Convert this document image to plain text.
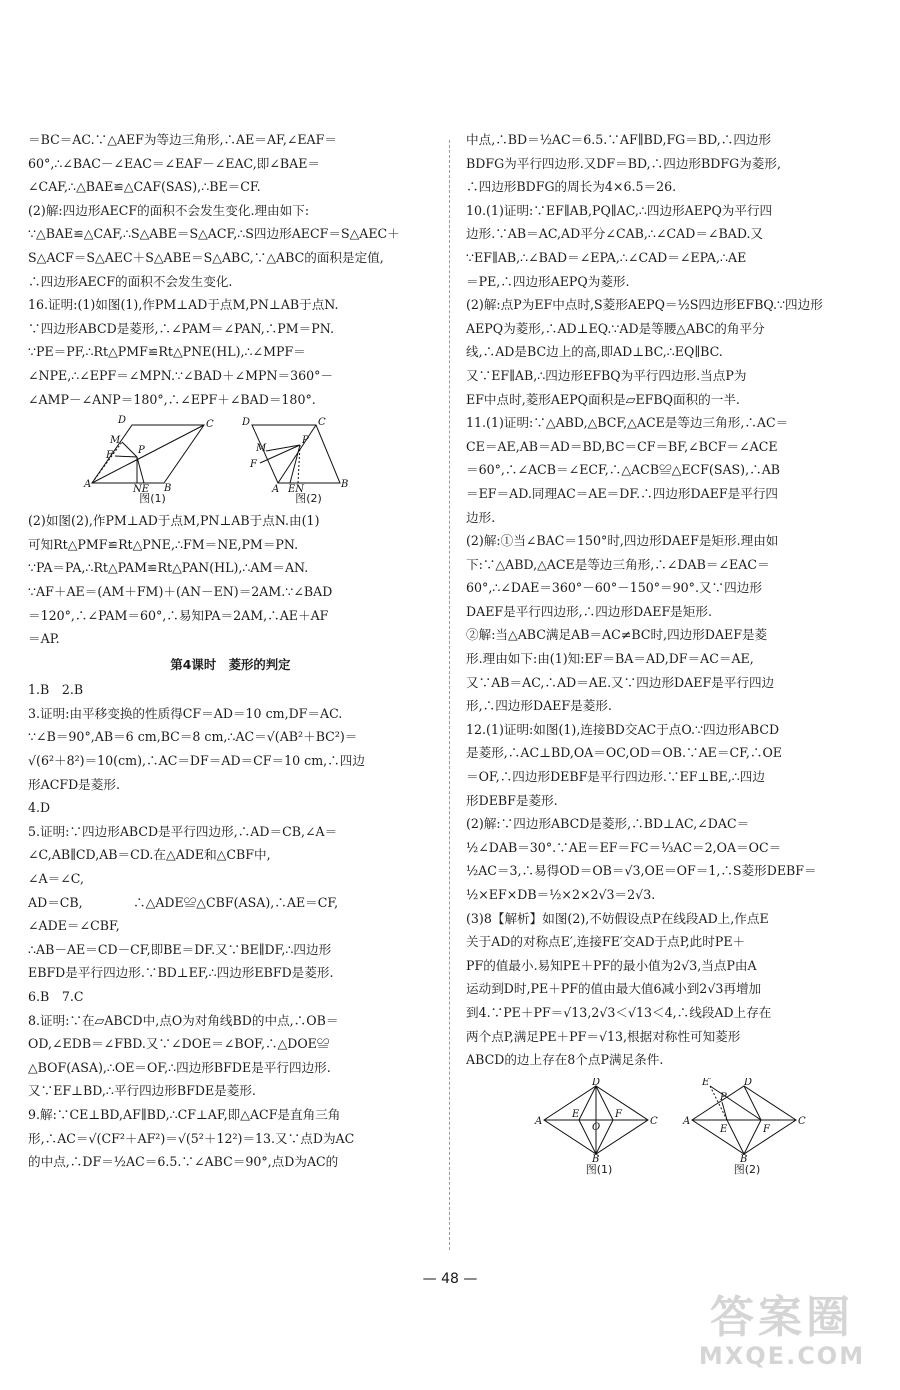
＝BC＝AC.∵△AEF为等边三角形,∴AE＝AF,∠EAF＝
60°,∴∠BAC－∠EAC＝∠EAF－∠EAC,即∠BAE＝
∠CAF,∴△BAE≌△CAF(SAS),∴BE＝CF.
(2)解:四边形AECF的面积不会发生变化.理由如下:
∵△BAE≌△CAF,∴S△ABE＝S△ACF,∴S四边形AECF＝S△AEC＋
S△ACF＝S△AEC＋S△ABE＝S△ABC,∵△ABC的面积是定值,
∴四边形AECF的面积不会发生变化.
16.证明:(1)如图(1),作PM⊥AD于点M,PN⊥AB于点N.
∵四边形ABCD是菱形,∴∠PAM＝∠PAN,∴PM＝PN.
∵PE＝PF,∴Rt△PMF≌Rt△PNE(HL),∴∠MPF＝
∠NPE,∴∠EPF＝∠MPN.∵∠BAD＋∠MPN＝360°－
∠AMP－∠ANP＝180°,∴∠EPF＋∠BAD＝180°.
D	C
A	B
M
F	P
NE
图(1)
D	C
A	B
M
F
P
EN
图(2)
(2)如图(2),作PM⊥AD于点M,PN⊥AB于点N.由(1)
可知Rt△PMF≌Rt△PNE,∴FM＝NE,PM＝PN.
∵PA＝PA,∴Rt△PAM≌Rt△PAN(HL),∴AM＝AN.
∵AF＋AE＝(AM＋FM)＋(AN－EN)＝2AM.∵∠BAD
＝120°,∴∠PAM＝60°,∴易知PA＝2AM,∴AE＋AF
＝AP.
第4课时　菱形的判定
1.B　2.B
3.证明:由平移变换的性质得CF＝AD＝10 cm,DF＝AC.
∵∠B＝90°,AB＝6 cm,BC＝8 cm,∴AC＝√(AB²＋BC²)＝
√(6²＋8²)＝10(cm),∴AC＝DF＝AD＝CF＝10 cm,∴四边
形ACFD是菱形.
4.D
5.证明:∵四边形ABCD是平行四边形,∴AD＝CB,∠A＝
∠C,AB∥CD,AB＝CD.在△ADE和△CBF中,
∠A＝∠C,
AD＝CB,　　　　∴△ADE≌△CBF(ASA),∴AE＝CF,
∠ADE＝∠CBF,
∴AB－AE＝CD－CF,即BE＝DF.又∵BE∥DF,∴四边形
EBFD是平行四边形.∵BD⊥EF,∴四边形EBFD是菱形.
6.B　7.C
8.证明:∵在▱ABCD中,点O为对角线BD的中点,∴OB＝
OD,∠EDB＝∠FBD.又∵∠DOE＝∠BOF,∴△DOE≌
△BOF(ASA),∴OE＝OF,∴四边形BFDE是平行四边形.
又∵EF⊥BD,∴平行四边形BFDE是菱形.
9.解:∵CE⊥BD,AF∥BD,∴CF⊥AF,即△ACF是直角三角
形,∴AC＝√(CF²＋AF²)＝√(5²＋12²)＝13.又∵点D为AC
的中点,∴DF＝½AC＝6.5.∵∠ABC＝90°,点D为AC的
中点,∴BD＝½AC＝6.5.∵AF∥BD,FG＝BD,∴四边形
BDFG为平行四边形.又DF＝BD,∴四边形BDFG为菱形,
∴四边形BDFG的周长为4×6.5＝26.
10.(1)证明:∵EF∥AB,PQ∥AC,∴四边形AEPQ为平行四
边形.∵AB＝AC,AD平分∠CAB,∴∠CAD＝∠BAD.又
∵EF∥AB,∴∠BAD＝∠EPA,∴∠CAD＝∠EPA,∴AE
＝PE,∴四边形AEPQ为菱形.
(2)解:点P为EF中点时,S菱形AEPQ＝½S四边形EFBQ.∵四边形
AEPQ为菱形,∴AD⊥EQ.∵AD是等腰△ABC的角平分
线,∴AD是BC边上的高,即AD⊥BC,∴EQ∥BC.
又∵EF∥AB,∴四边形EFBQ为平行四边形.当点P为
EF中点时,菱形AEPQ面积是▱EFBQ面积的一半.
11.(1)证明:∵△ABD,△BCF,△ACE是等边三角形,∴AC＝
CE＝AE,AB＝AD＝BD,BC＝CF＝BF,∠BCF＝∠ACE
＝60°,∴∠ACB＝∠ECF,∴△ACB≌△ECF(SAS),∴AB
＝EF＝AD.同理AC＝AE＝DF.∴四边形DAEF是平行四
边形.
(2)解:①当∠BAC＝150°时,四边形DAEF是矩形.理由如
下:∵△ABD,△ACE是等边三角形,∴∠DAB＝∠EAC＝
60°,∴∠DAE＝360°－60°－150°＝90°.又∵四边形
DAEF是平行四边形,∴四边形DAEF是矩形.
②解:当△ABC满足AB＝AC≠BC时,四边形DAEF是菱
形.理由如下:由(1)知:EF＝BA＝AD,DF＝AC＝AE,
又∵AB＝AC,∴AD＝AE.又∵四边形DAEF是平行四边
形,∴四边形DAEF是菱形.
12.(1)证明:如图(1),连接BD交AC于点O.∵四边形ABCD
是菱形,∴AC⊥BD,OA＝OC,OD＝OB.∵AE＝CF,∴OE
＝OF,∴四边形DEBF是平行四边形.∵EF⊥BE,∴四边
形DEBF是菱形.
(2)解:∵四边形ABCD是菱形,∴BD⊥AC,∠DAC＝
½∠DAB＝30°.∵AE＝EF＝FC＝⅓AC＝2,OA＝OC＝
½AC＝3,∴易得OD＝OB＝√3,OE＝OF＝1,∴S菱形DEBF＝
½×EF×DB＝½×2×2√3＝2√3.
(3)8【解析】如图(2),不妨假设点P在线段AD上,作点E
关于AD的对称点E′,连接FE′交AD于点P,此时PE＋
PF的值最小.易知PE＋PF的最小值为2√3,当点P由A
运动到D时,PE＋PF的值由最大值6减小到2√3再增加
到4.∵PE＋PF＝√13,2√3＜√13＜4,∴线段AD上存在
两个点P,满足PE＋PF＝√13,根据对称性可知菱形
ABCD的边上存在8个点P满足条件.
A
D
C
B
E	F
O
图(1)
A
E′	D
C
B
E	F
P
图(2)
— 48 —
答案圈
MXQE.COM
